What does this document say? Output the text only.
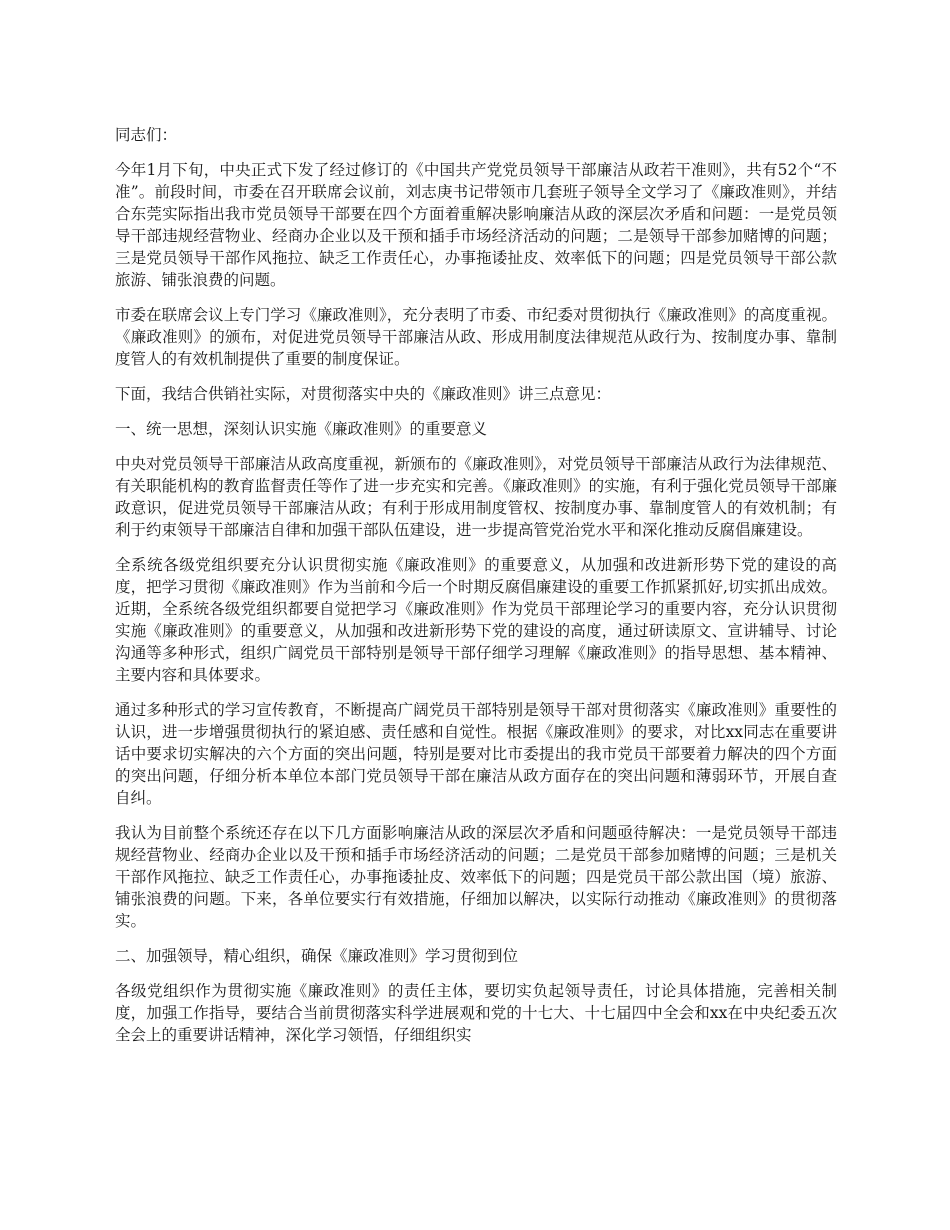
同志们：

今年1月下旬，中央正式下发了经过修订的《中国共产党党员领导干部廉洁从政若干准则》，共有52个“不准”。前段时间，市委在召开联席会议前，刘志庚书记带领市几套班子领导全文学习了《廉政准则》，并结合东莞实际指出我市党员领导干部要在四个方面着重解决影响廉洁从政的深层次矛盾和问题：一是党员领导干部违规经营物业、经商办企业以及干预和插手市场经济活动的问题；二是领导干部参加赌博的问题；三是党员领导干部作风拖拉、缺乏工作责任心，办事拖诿扯皮、效率低下的问题；四是党员领导干部公款旅游、铺张浪费的问题。

市委在联席会议上专门学习《廉政准则》，充分表明了市委、市纪委对贯彻执行《廉政准则》的高度重视。《廉政准则》的颁布，对促进党员领导干部廉洁从政、形成用制度法律规范从政行为、按制度办事、靠制度管人的有效机制提供了重要的制度保证。

下面，我结合供销社实际，对贯彻落实中央的《廉政准则》讲三点意见：

一、统一思想，深刻认识实施《廉政准则》的重要意义

中央对党员领导干部廉洁从政高度重视，新颁布的《廉政准则》，对党员领导干部廉洁从政行为法律规范、有关职能机构的教育监督责任等作了进一步充实和完善。《廉政准则》的实施，有利于强化党员领导干部廉政意识，促进党员领导干部廉洁从政；有利于形成用制度管权、按制度办事、靠制度管人的有效机制；有利于约束领导干部廉洁自律和加强干部队伍建设，进一步提高管党治党水平和深化推动反腐倡廉建设。

全系统各级党组织要充分认识贯彻实施《廉政准则》的重要意义，从加强和改进新形势下党的建设的高度，把学习贯彻《廉政准则》作为当前和今后一个时期反腐倡廉建设的重要工作抓紧抓好,切实抓出成效。近期，全系统各级党组织都要自觉把学习《廉政准则》作为党员干部理论学习的重要内容，充分认识贯彻实施《廉政准则》的重要意义，从加强和改进新形势下党的建设的高度，通过研读原文、宣讲辅导、讨论沟通等多种形式，组织广阔党员干部特别是领导干部仔细学习理解《廉政准则》的指导思想、基本精神、主要内容和具体要求。

通过多种形式的学习宣传教育，不断提高广阔党员干部特别是领导干部对贯彻落实《廉政准则》重要性的认识，进一步增强贯彻执行的紧迫感、责任感和自觉性。根据《廉政准则》的要求，对比xx同志在重要讲话中要求切实解决的六个方面的突出问题，特别是要对比市委提出的我市党员干部要着力解决的四个方面的突出问题，仔细分析本单位本部门党员领导干部在廉洁从政方面存在的突出问题和薄弱环节，开展自查自纠。

我认为目前整个系统还存在以下几方面影响廉洁从政的深层次矛盾和问题亟待解决：一是党员领导干部违规经营物业、经商办企业以及干预和插手市场经济活动的问题；二是党员干部参加赌博的问题；三是机关干部作风拖拉、缺乏工作责任心，办事拖诿扯皮、效率低下的问题；四是党员干部公款出国（境）旅游、铺张浪费的问题。下来，各单位要实行有效措施，仔细加以解决，以实际行动推动《廉政准则》的贯彻落实。

二、加强领导，精心组织，确保《廉政准则》学习贯彻到位

各级党组织作为贯彻实施《廉政准则》的责任主体，要切实负起领导责任，讨论具体措施，完善相关制度，加强工作指导，要结合当前贯彻落实科学进展观和党的十七大、十七届四中全会和xx在中央纪委五次全会上的重要讲话精神，深化学习领悟，仔细组织实
